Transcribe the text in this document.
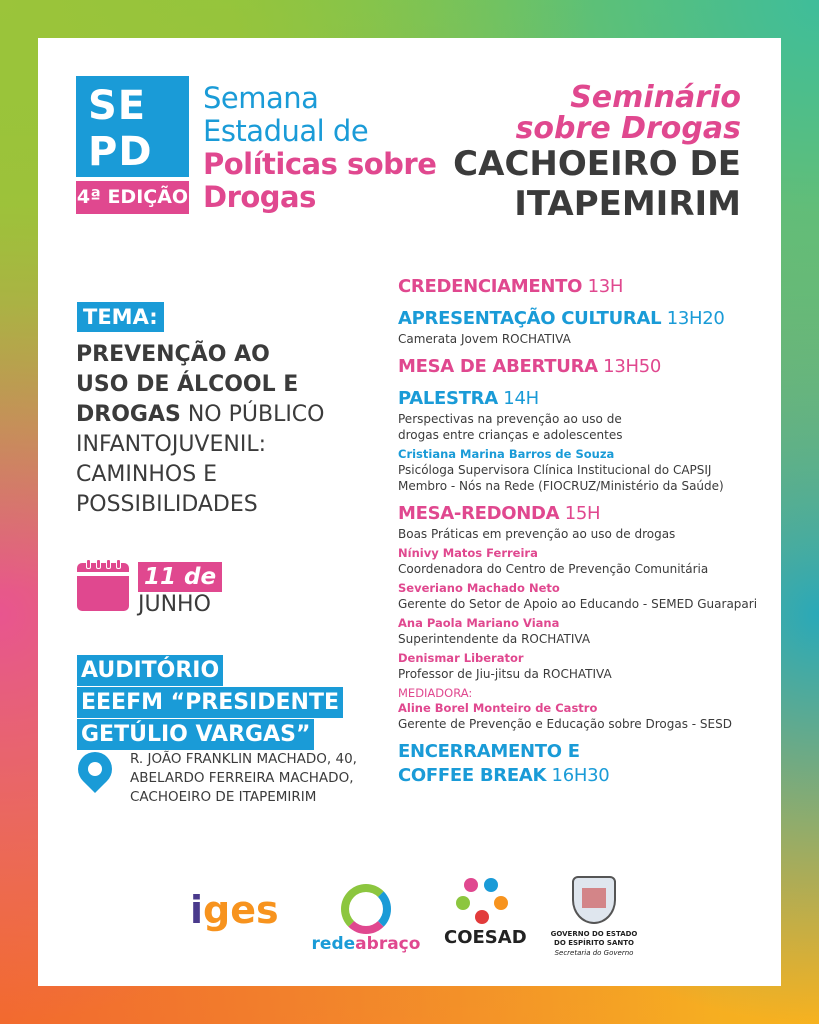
SE
PD
4ª EDIÇÃO
Semana
Estadual de
Políticas sobre
Drogas
Seminário
sobre Drogas
CACHOEIRO DE
ITAPEMIRIM
TEMA:
PREVENÇÃO AO
USO DE ÁLCOOL E
DROGAS NO PÚBLICO
INFANTOJUVENIL:
CAMINHOS E
POSSIBILIDADES
11 de
JUNHO
AUDITÓRIO
EEEFM “PRESIDENTE
GETÚLIO VARGAS”
R. JOÃO FRANKLIN MACHADO, 40,
ABELARDO FERREIRA MACHADO,
CACHOEIRO DE ITAPEMIRIM
CREDENCIAMENTO 13H
APRESENTAÇÃO CULTURAL 13H20
Camerata Jovem ROCHATIVA
MESA DE ABERTURA 13H50
PALESTRA 14H
Perspectivas na prevenção ao uso de
drogas entre crianças e adolescentes
Cristiana Marina Barros de Souza
Psicóloga Supervisora Clínica Institucional do CAPSIJ
Membro - Nós na Rede (FIOCRUZ/Ministério da Saúde)
MESA-REDONDA 15H
Boas Práticas em prevenção ao uso de drogas
Nínivy Matos Ferreira
Coordenadora do Centro de Prevenção Comunitária
Severiano Machado Neto
Gerente do Setor de Apoio ao Educando - SEMED Guarapari
Ana Paola Mariano Viana
Superintendente da ROCHATIVA
Denismar Liberator
Professor de Jiu-jitsu da ROCHATIVA
MEDIADORA:
Aline Borel Monteiro de Castro
Gerente de Prevenção e Educação sobre Drogas - SESD
ENCERRAMENTO E
COFFEE BREAK 16H30
iges
redeabraço	COESAD	GOVERNO DO ESTADO
DO ESPÍRITO SANTO
Secretaria do Governo
